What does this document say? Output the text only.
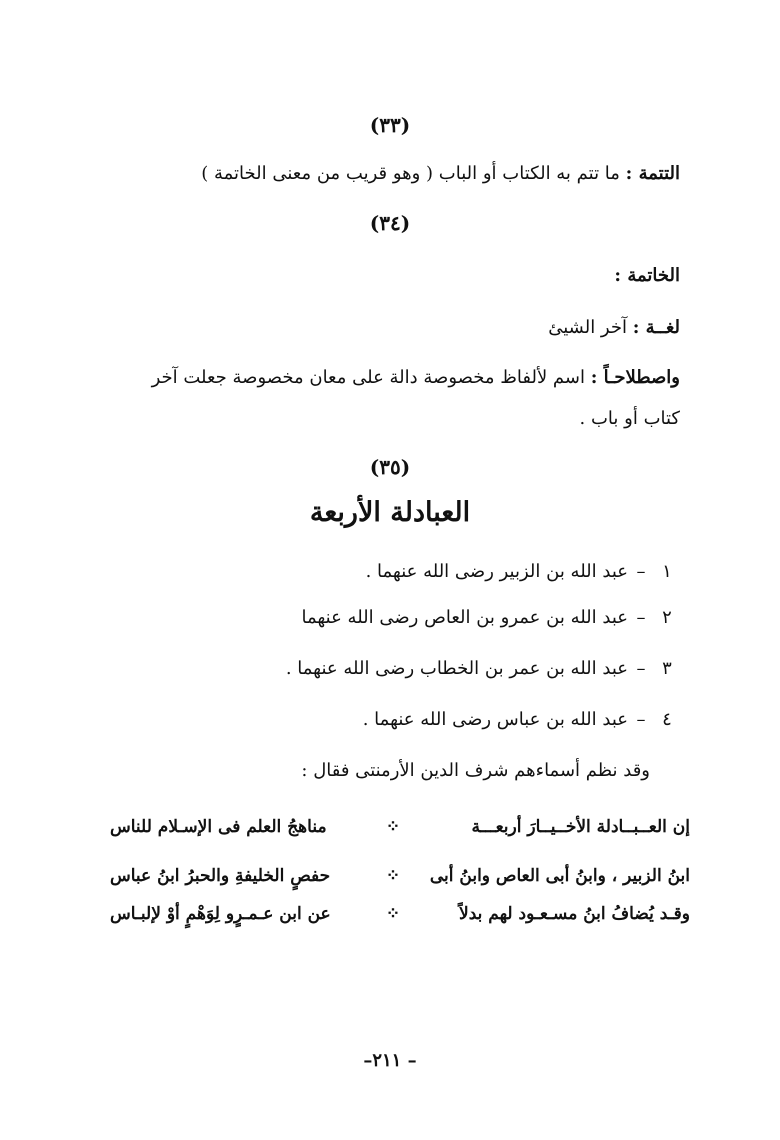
(٣٣)
التتمة : ما تتم به الكتاب أو الباب ( وهو قريب من معنى الخاتمة )
(٣٤)
الخاتمة :
لغــة : آخر الشيئ
واصطلاحـاً : اسم لألفاظ مخصوصة دالة على معان مخصوصة جعلت آخر
كتاب أو باب .
(٣٥)
العبادلة الأربعة
١–عبد الله بن الزبير رضى الله عنهما .
٢–عبد الله بن عمرو بن العاص رضى الله عنهما
٣–عبد الله بن عمر بن الخطاب رضى الله عنهما .
٤–عبد الله بن عباس رضى الله عنهما .
وقد نظم أسماءهم شرف الدين الأرمنتى فقال :
إن العــبــادلة الأخــيــارَ أربعـــة
⁘
مناهجُ العلم فى الإسـلام للناس
ابنُ الزبير ، وابنُ أبى العاص وابنُ أبى
⁘
حفصٍ الخليفةِ والحبرُ ابنُ عباس
وقـد يُضافُ ابنُ مسـعـود لهم بدلاً
⁘
عن ابن عـمـرٍو لِوَهْمٍ أوْ لإلبـاس
–٢١١ –
